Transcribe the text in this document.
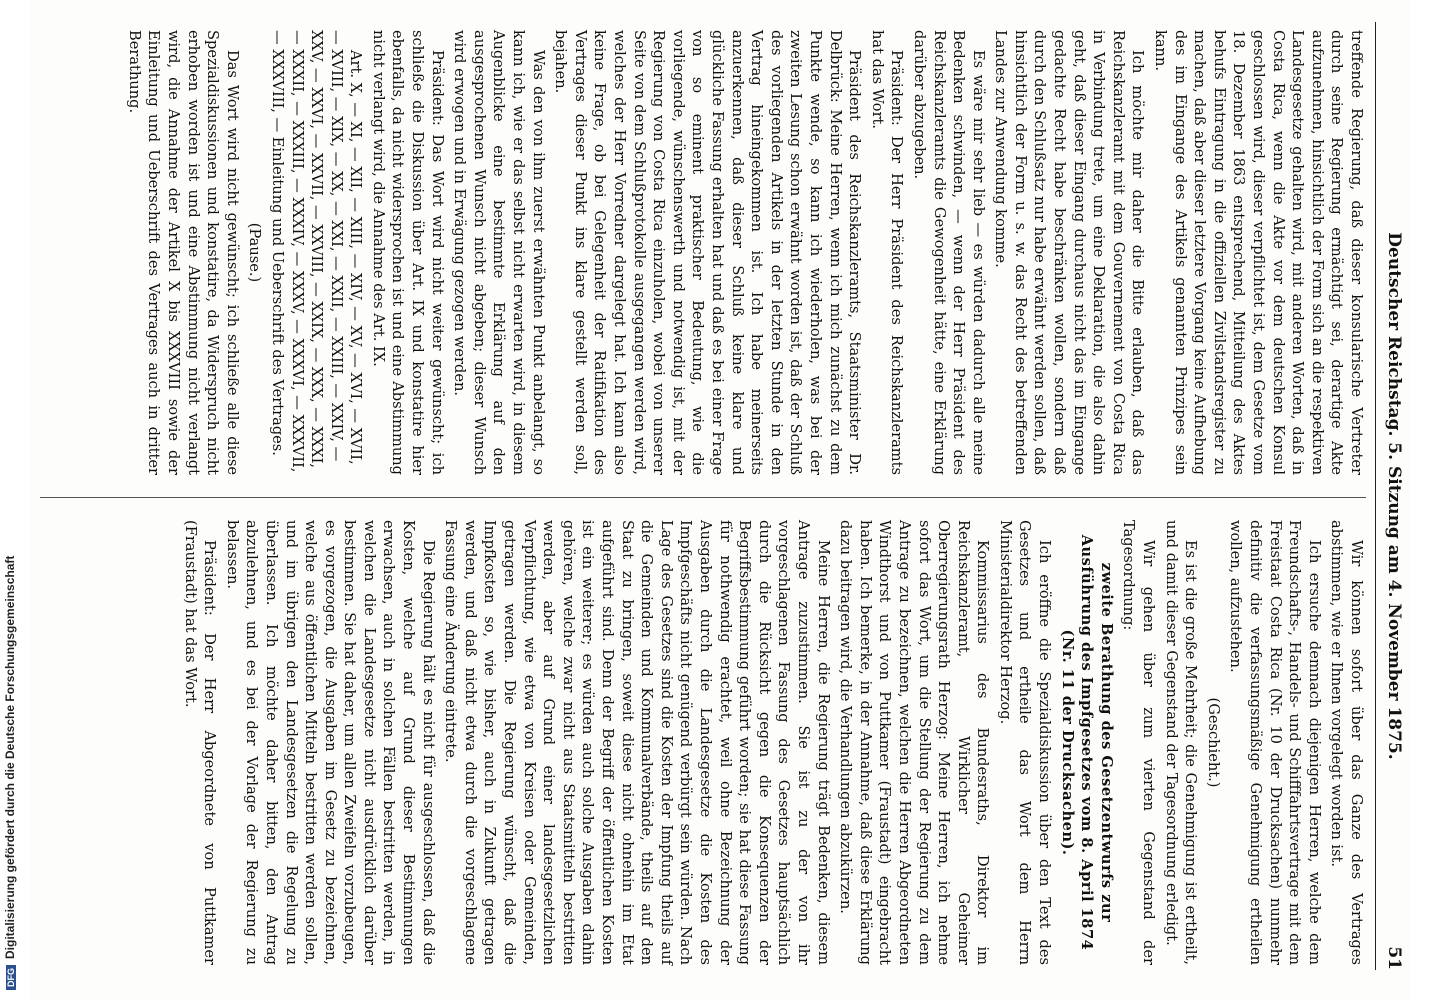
DFGDigitalisierung gefördert durch die Deutsche Forschungsgemeinschaft	Deutscher Reichstag. 5. Sitzung am 4. November 1875.
51

treffende Regierung, daß dieser konsularische Vertreter durch seine Regierung ermächtigt sei, derartige Akte aufzunehmen, hinsichtlich der Form sich an die respektiven Landesgesetze gehalten wird, mit anderen Worten, daß in Costa Rica, wenn die Akte vor dem deutschen Konsul geschlossen wird, dieser verpflichtet ist, dem Gesetze vom 18. Dezember 1863 entsprechend, Mitteilung des Aktes behufs Eintragung in die offiziellen Zivilstandsregister zu machen, daß aber dieser letztere Vorgang keine Aufhebung des im Eingange des Artikels genannten Prinzipes sein kann.

Ich möchte mir daher die Bitte erlauben, daß das Reichskanzleramt mit dem Gouvernement von Costa Rica in Verbindung trete, um eine Deklaration, die also dahin geht, daß dieser Eingang durchaus nicht das im Eingange gedachte Recht habe beschränken wollen, sondern daß durch den Schlußsatz nur habe erwähnt werden sollen, daß hinsichtlich der Form u. s. w. das Recht des betreffenden Landes zur Anwendung komme.

Es wäre mir sehr lieb — es würden dadurch alle meine Bedenken schwinden, — wenn der Herr Präsident des Reichskanzleramts die Gewogenheit hätte, eine Erklärung darüber abzugeben.

Präsident: Der Herr Präsident des Reichskanzleramts hat das Wort.

Präsident des Reichskanzleramts, Staatsminister Dr. Delbrück: Meine Herren, wenn ich mich zunächst zu dem Punkte wende, so kann ich wiederholen, was bei der zweiten Lesung schon erwähnt worden ist, daß der Schluß des vorliegenden Artikels in der letzten Stunde in den Vertrag hineingekommen ist. Ich habe meinerseits anzuerkennen, daß dieser Schluß keine klare und glückliche Fassung erhalten hat und daß es bei einer Frage von so eminent praktischer Bedeutung, wie die vorliegende, wünschenswerth und notwendig ist, mit der Regierung von Costa Rica einzuholen, wobei von unserer Seite von dem Schlußprotokolle ausgegangen werden wird, welches der Herr Vorredner dargelegt hat. Ich kann also keine Frage, ob bei Gelegenheit der Ratifikation des Vertrages dieser Punkt ins klare gestellt werden soll, bejahen.

Was den von ihm zuerst erwähnten Punkt anbelangt, so kann ich, wie er das selbst nicht erwarten wird, in diesem Augenblicke eine bestimmte Erklärung auf den ausgesprochenen Wunsch nicht abgeben; dieser Wunsch wird erwogen und in Erwägung gezogen werden.

Präsident: Das Wort wird nicht weiter gewünscht; ich schließe die Diskussion über Art. IX und konstatire hier ebenfalls, da nicht widersprochen ist und eine Abstimmung nicht verlangt wird, die Annahme des Art. IX.

Art. X, — XI, — XII, — XIII, — XIV, — XV, — XVI, — XVII, — XVIII, — XIX, — XX, — XXI, — XXII, — XXIII, — XXIV, — XXV, — XXVI, — XXVII, — XXVIII, — XXIX, — XXX, — XXXI, — XXXII, — XXXIII, — XXXIV, — XXXV, — XXXVI, — XXXVII, — XXXVIII, — Einleitung und Ueberschrift des Vertrages.

(Pause.)

Das Wort wird nicht gewünscht; ich schließe alle diese Spezialdiskussionen und konstatire, da Widerspruch nicht erhoben worden ist und eine Abstimmung nicht verlangt wird, die Annahme der Artikel X bis XXXVIII sowie der Einleitung und Ueberschrift des Vertrages auch in dritter Berathung.

Wir können sofort über das Ganze des Vertrages abstimmen, wie er Ihnen vorgelegt worden ist.

Ich ersuche demnach diejenigen Herren, welche dem Freundschafts-, Handels- und Schifffahrtsvertrage mit dem Freistaat Costa Rica (Nr. 10 der Drucksachen) nunmehr definitiv die verfassungsmäßige Genehmigung ertheilen wollen, aufzustehen.

(Geschieht.)

Es ist die große Mehrheit; die Genehmigung ist ertheilt, und damit dieser Gegenstand der Tagesordnung erledigt.

Wir gehen über zum vierten Gegenstand der Tagesordnung:

zweite Berathung des Gesetzentwurfs zur Ausführung des Impfgesetzes vom 8. April 1874 (Nr. 11 der Drucksachen).

Ich eröffne die Spezialdiskussion über den Text des Gesetzes und ertheile das Wort dem Herrn Ministerialdirektor Herzog.

Kommissarius des Bundesraths, Direktor im Reichskanzleramt, Wirklicher Geheimer Oberregierungsrath Herzog: Meine Herren, ich nehme sofort das Wort, um die Stellung der Regierung zu dem Antrage zu bezeichnen, welchen die Herren Abgeordneten Windthorst und von Puttkamer (Fraustadt) eingebracht haben. Ich bemerke, in der Annahme, daß diese Erklärung dazu beitragen wird, die Verhandlungen abzukürzen.

Meine Herren, die Regierung trägt Bedenken, diesem Antrage zuzustimmen. Sie ist zu der von ihr vorgeschlagenen Fassung des Gesetzes hauptsächlich durch die Rücksicht gegen die Konsequenzen der Begriffsbestimmung geführt worden; sie hat diese Fassung für nothwendig erachtet, weil ohne Bezeichnung der Ausgaben durch die Landesgesetze die Kosten des Impfgeschäfts nicht genügend verbürgt sein würden. Nach Lage des Gesetzes sind die Kosten der Impfung theils auf die Gemeinden und Kommunalverbände, theils auf den Staat zu bringen, soweit diese nicht ohnehin im Etat aufgeführt sind. Denn der Begriff der öffentlichen Kosten ist ein weiterer; es würden auch solche Ausgaben dahin gehören, welche zwar nicht aus Staatsmitteln bestritten werden, aber auf Grund einer landesgesetzlichen Verpflichtung, wie etwa von Kreisen oder Gemeinden, getragen werden. Die Regierung wünscht, daß die Impfkosten so, wie bisher, auch in Zukunft getragen werden, und daß nicht etwa durch die vorgeschlagene Fassung eine Änderung eintrete.

Die Regierung hält es nicht für ausgeschlossen, daß die Kosten, welche auf Grund dieser Bestimmungen erwachsen, auch in solchen Fällen bestritten werden, in welchen die Landesgesetze nicht ausdrücklich darüber bestimmen. Sie hat daher, um allen Zweifeln vorzubeugen, es vorgezogen, die Ausgaben im Gesetz zu bezeichnen, welche aus öffentlichen Mitteln bestritten werden sollen, und im übrigen den Landesgesetzen die Regelung zu überlassen. Ich möchte daher bitten, den Antrag abzulehnen, und es bei der Vorlage der Regierung zu belassen.

Präsident: Der Herr Abgeordnete von Puttkamer (Fraustadt) hat das Wort.
